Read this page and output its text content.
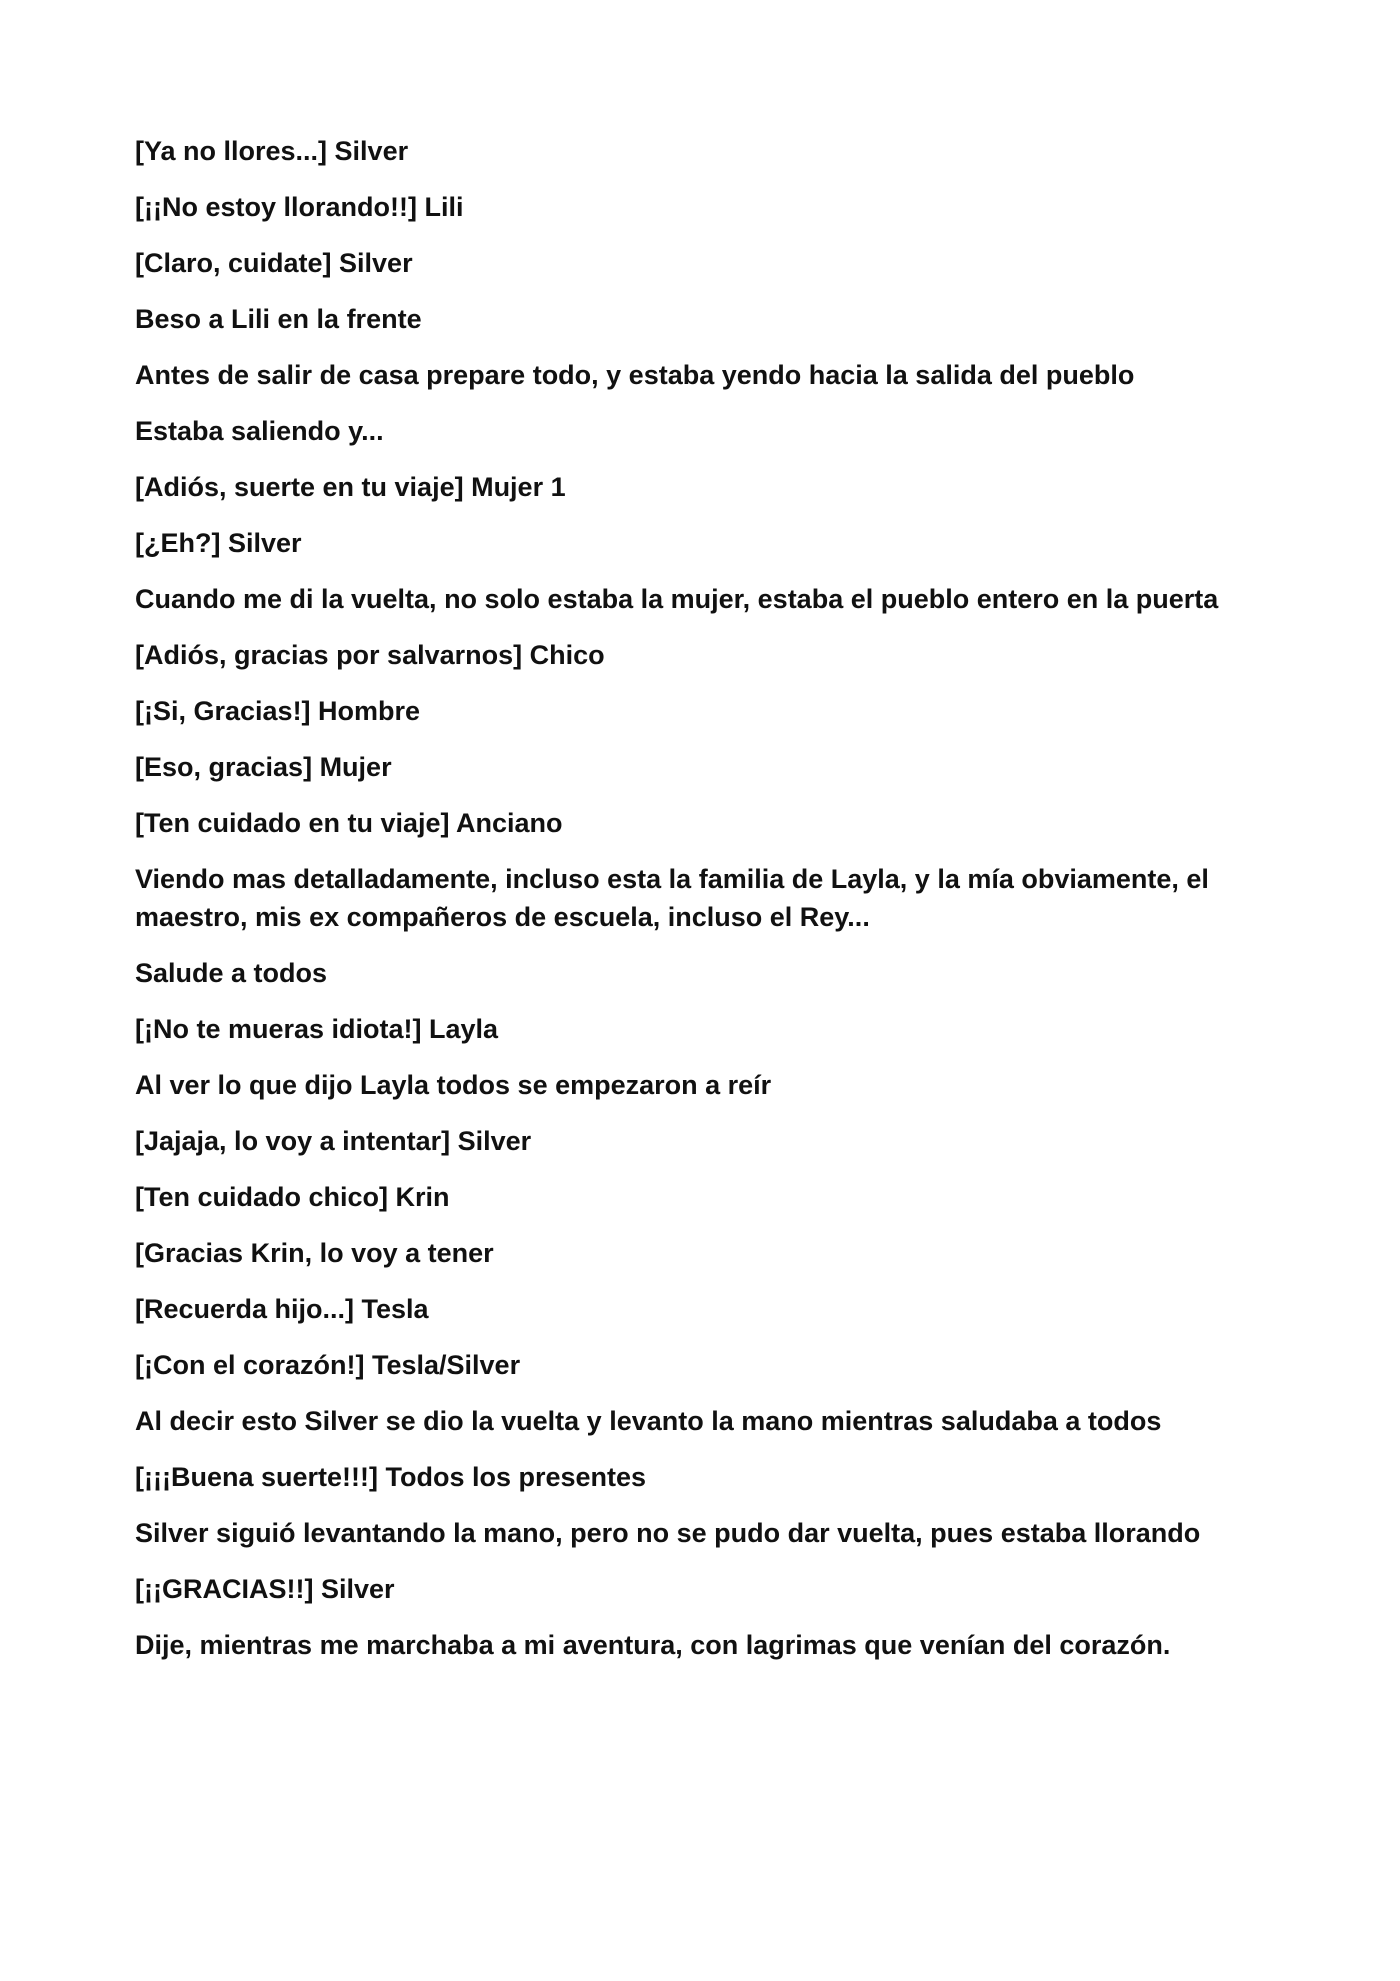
[Ya no llores...] Silver

[¡¡No estoy llorando!!] Lili

[Claro, cuidate] Silver

Beso a Lili en la frente

Antes de salir de casa prepare todo, y estaba yendo hacia la salida del pueblo

Estaba saliendo y...

[Adiós, suerte en tu viaje] Mujer 1

[¿Eh?] Silver

Cuando me di la vuelta, no solo estaba la mujer, estaba el pueblo entero en la puerta

[Adiós, gracias por salvarnos] Chico

[¡Si, Gracias!] Hombre

[Eso, gracias] Mujer

[Ten cuidado en tu viaje] Anciano

Viendo mas detalladamente, incluso esta la familia de Layla, y la mía obviamente, el maestro, mis ex compañeros de escuela, incluso el Rey...

Salude a todos

[¡No te mueras idiota!] Layla

Al ver lo que dijo Layla todos se empezaron a reír

[Jajaja, lo voy a intentar] Silver

[Ten cuidado chico] Krin

[Gracias Krin, lo voy a tener

[Recuerda hijo...] Tesla

[¡Con el corazón!] Tesla/Silver

Al decir esto Silver se dio la vuelta y levanto la mano mientras saludaba a todos

[¡¡¡Buena suerte!!!] Todos los presentes

Silver siguió levantando la mano, pero no se pudo dar vuelta, pues estaba llorando

[¡¡GRACIAS!!] Silver

Dije, mientras me marchaba a mi aventura, con lagrimas que venían del corazón.
